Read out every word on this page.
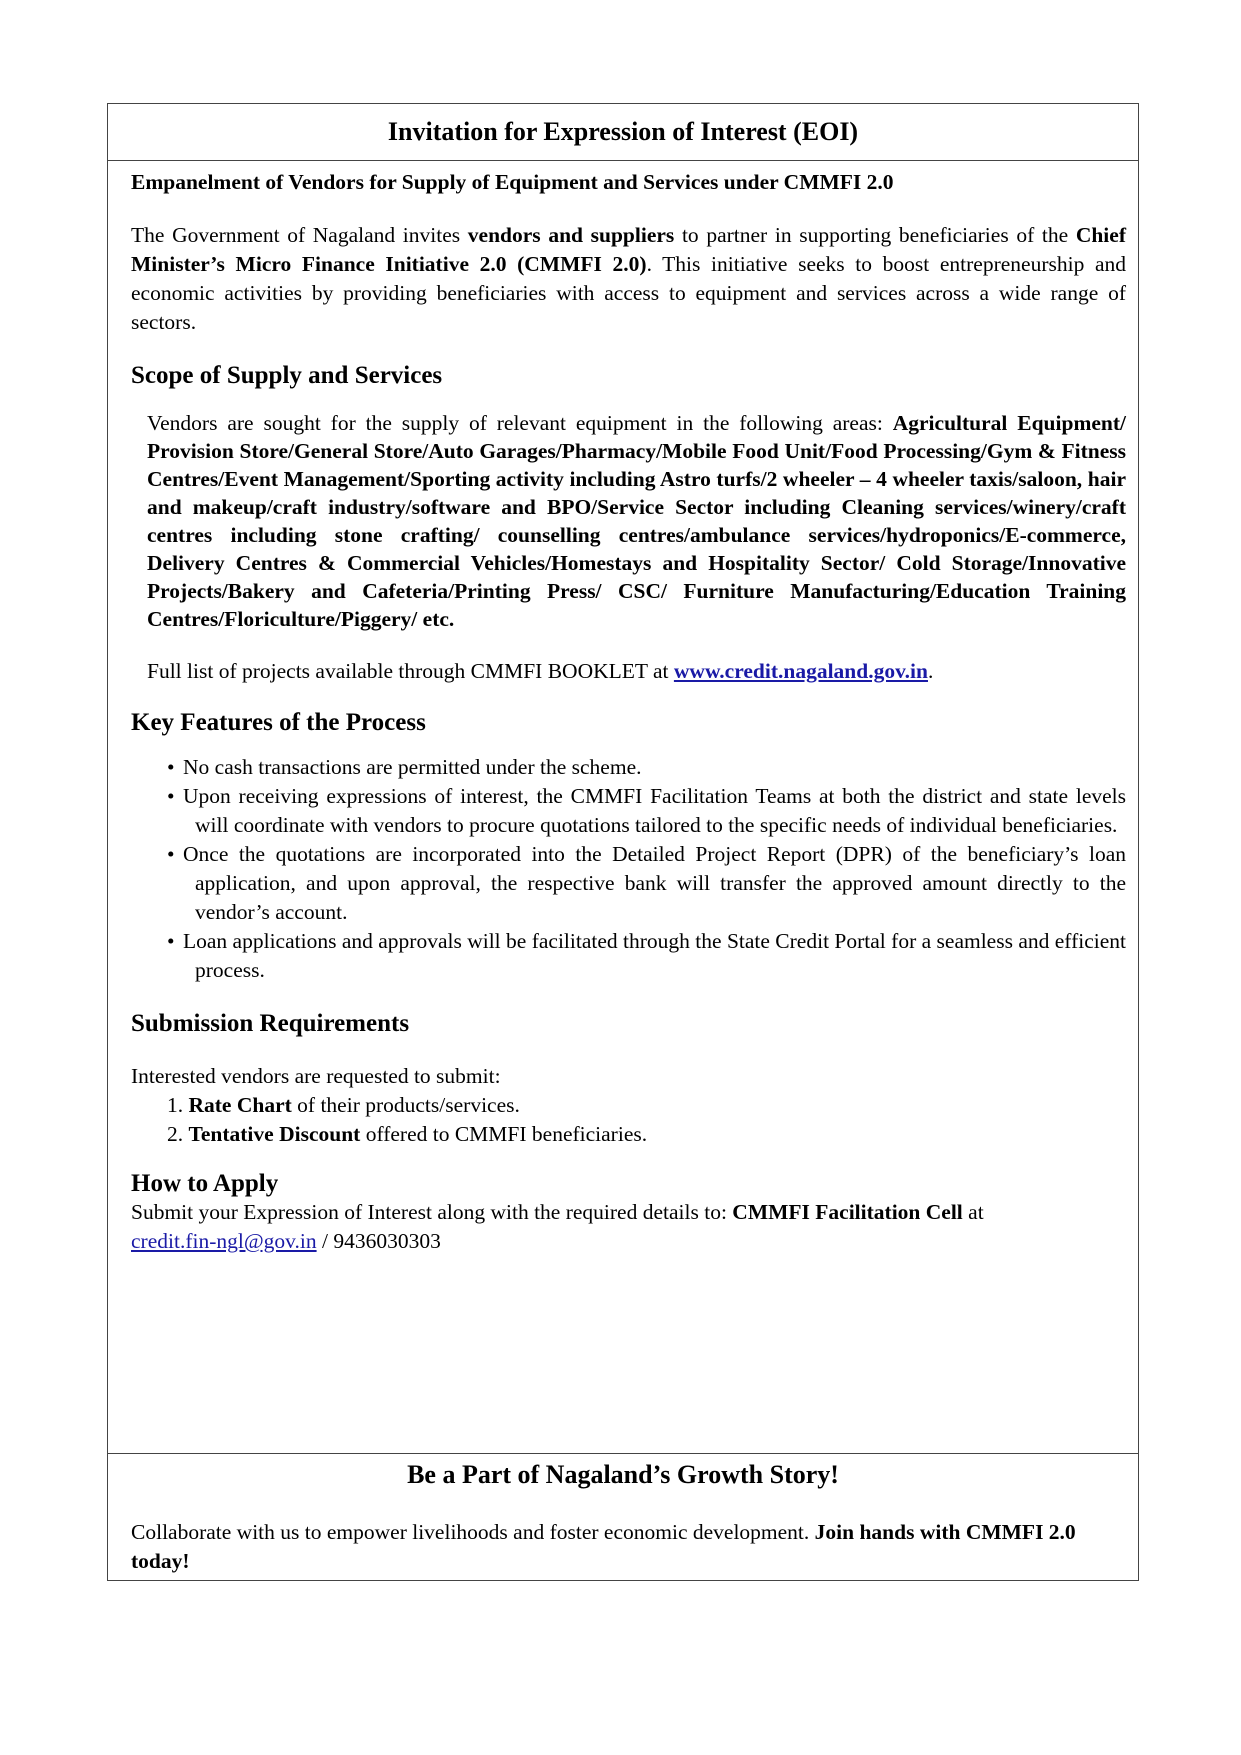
Invitation for Expression of Interest (EOI)

Empanelment of Vendors for Supply of Equipment and Services under CMMFI 2.0

The Government of Nagaland invites vendors and suppliers to partner in supporting beneficiaries of the Chief Minister’s Micro Finance Initiative 2.0 (CMMFI 2.0). This initiative seeks to boost entrepreneurship and economic activities by providing beneficiaries with access to equipment and services across a wide range of sectors.

Scope of Supply and Services

Vendors are sought for the supply of relevant equipment in the following areas: Agricultural Equipment/ Provision Store/General Store/Auto Garages/Pharmacy/Mobile Food Unit/Food Processing/Gym & Fitness Centres/Event Management/Sporting activity including Astro turfs/2 wheeler – 4 wheeler taxis/saloon, hair and makeup/craft industry/software and BPO/Service Sector including Cleaning services/winery/craft centres including stone crafting/ counselling centres/ambulance services/hydroponics/E-commerce, Delivery Centres & Commercial Vehicles/Homestays and Hospitality Sector/ Cold Storage/Innovative Projects/Bakery and Cafeteria/Printing Press/ CSC/ Furniture Manufacturing/Education Training Centres/Floriculture/Piggery/ etc.

Full list of projects available through CMMFI BOOKLET at www.credit.nagaland.gov.in.

Key Features of the Process
• No cash transactions are permitted under the scheme.
• Upon receiving expressions of interest, the CMMFI Facilitation Teams at both the district and state levels will coordinate with vendors to procure quotations tailored to the specific needs of individual beneficiaries.
• Once the quotations are incorporated into the Detailed Project Report (DPR) of the beneficiary’s loan application, and upon approval, the respective bank will transfer the approved amount directly to the vendor’s account.
• Loan applications and approvals will be facilitated through the State Credit Portal for a seamless and efficient process.
Submission Requirements

Interested vendors are requested to submit:

1. Rate Chart of their products/services.
2. Tentative Discount offered to CMMFI beneficiaries.
How to Apply

Submit your Expression of Interest along with the required details to: CMMFI Facilitation Cell at credit.fin-ngl@gov.in / 9436030303

Be a Part of Nagaland’s Growth Story!

Collaborate with us to empower livelihoods and foster economic development. Join hands with CMMFI 2.0 today!
